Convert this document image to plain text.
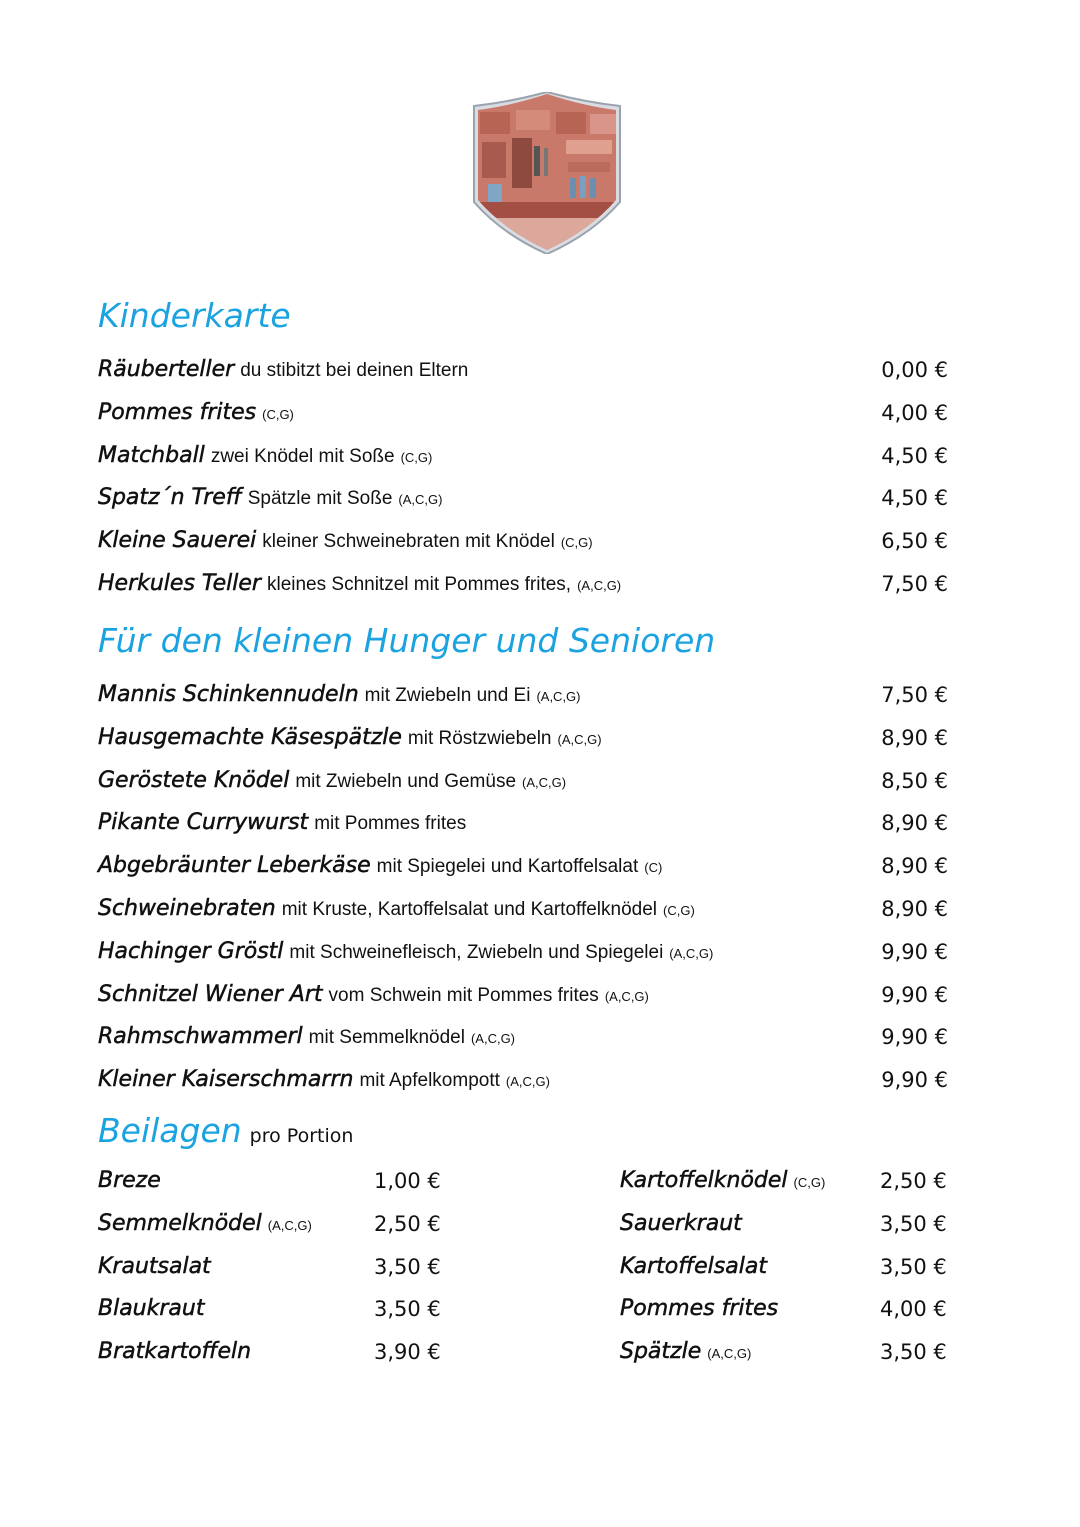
Kinderkarte
Räuberteller du stibitzt bei deinen Eltern	0,00 €
Pommes frites (C,G)	4,00 €
Matchball zwei Knödel mit Soße (C,G)	4,50 €
Spatz´n Treff Spätzle mit Soße (A,C,G)	4,50 €
Kleine Sauerei kleiner Schweinebraten mit Knödel (C,G)	6,50 €
Herkules Teller kleines Schnitzel mit Pommes frites, (A,C,G)	7,50 €
Für den kleinen Hunger und Senioren
Mannis Schinkennudeln mit Zwiebeln und Ei (A,C,G)	7,50 €
Hausgemachte Käsespätzle mit Röstzwiebeln (A,C,G)	8,90 €
Geröstete Knödel mit Zwiebeln und Gemüse (A,C,G)	8,50 €
Pikante Currywurst mit Pommes frites	8,90 €
Abgebräunter Leberkäse mit Spiegelei und Kartoffelsalat (C)	8,90 €
Schweinebraten mit Kruste, Kartoffelsalat und Kartoffelknödel (C,G)	8,90 €
Hachinger Gröstl mit Schweinefleisch, Zwiebeln und Spiegelei (A,C,G)	9,90 €
Schnitzel Wiener Art vom Schwein mit Pommes frites (A,C,G)	9,90 €
Rahmschwammerl mit Semmelknödel (A,C,G)	9,90 €
Kleiner Kaiserschmarrn mit Apfelkompott (A,C,G)	9,90 €
Beilagen pro Portion
Breze	1,00 €
Semmelknödel (A,C,G)	2,50 €
Krautsalat	3,50 €
Blaukraut	3,50 €
Bratkartoffeln	3,90 €
Kartoffelknödel (C,G)	2,50 €
Sauerkraut	3,50 €
Kartoffelsalat	3,50 €
Pommes frites	4,00 €
Spätzle (A,C,G)	3,50 €
